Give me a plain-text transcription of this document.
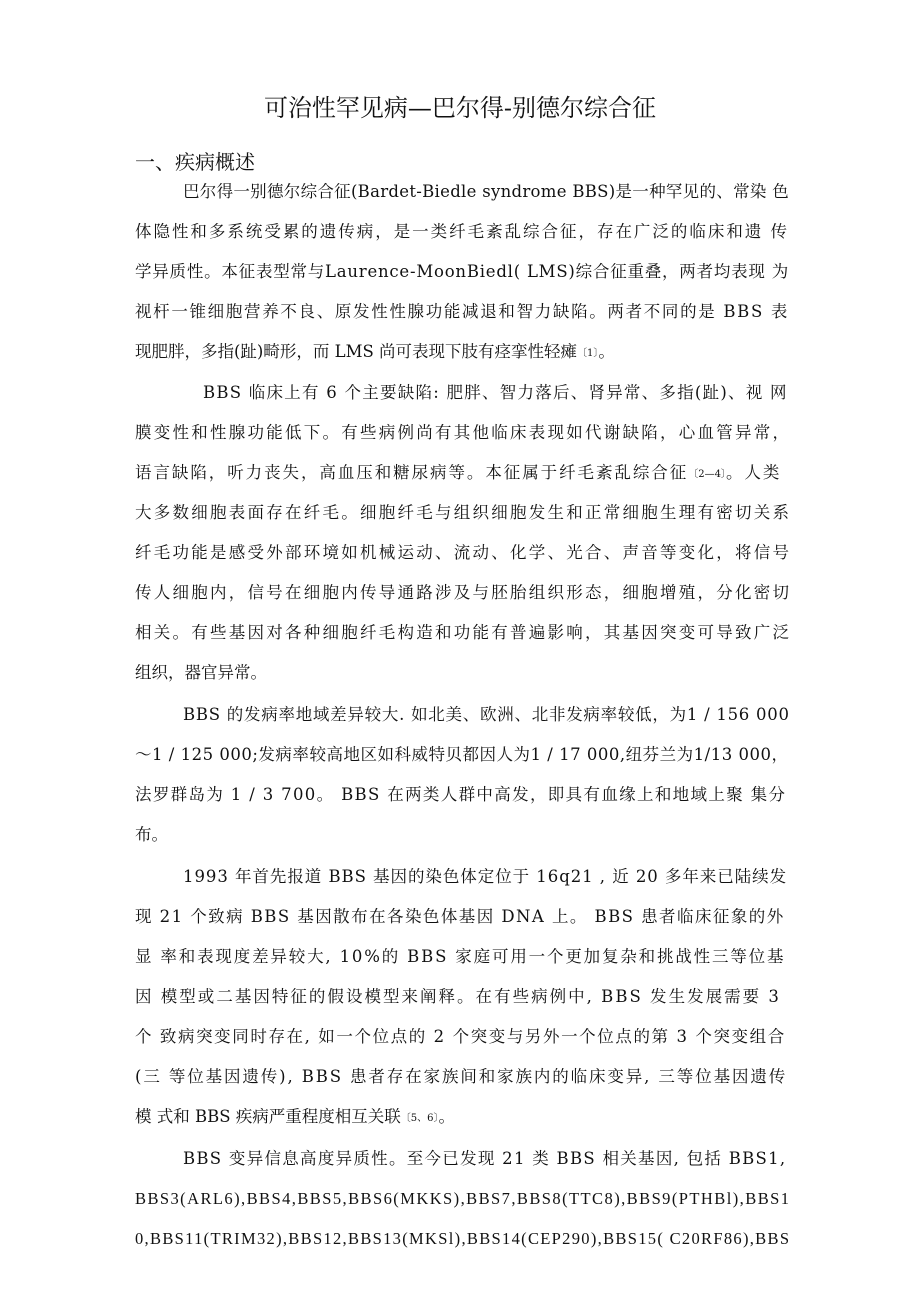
可治性罕见病—巴尔得-别德尔综合征
一、疾病概述

巴尔得一别德尔综合征(Bardet-Biedle syndrome BBS)是一种罕见的、常染 色

体隐性和多系统受累的遗传病，是一类纤毛紊乱综合征，存在广泛的临床和遗 传

学异质性。本征表型常与Laurence-MoonBiedl( LMS)综合征重叠，两者均表现 为

视杆一锥细胞营养不良、原发性性腺功能减退和智力缺陷。两者不同的是 BBS 表

现肥胖，多指(趾)畸形，而 LMS 尚可表现下肢有痉挛性轻瘫〔1〕。

BBS 临床上有 6 个主要缺陷: 肥胖、智力落后、肾异常、多指(趾)、视 网

膜变性和性腺功能低下。有些病例尚有其他临床表现如代谢缺陷，心血管异常，

语言缺陷，听力丧失，高血压和糖尿病等。本征属于纤毛紊乱综合征〔2—4〕。人类

大多数细胞表面存在纤毛。细胞纤毛与组织细胞发生和正常细胞生理有密切关系

纤毛功能是感受外部环境如机械运动、流动、化学、光合、声音等变化，将信号

传人细胞内，信号在细胞内传导通路涉及与胚胎组织形态，细胞增殖，分化密切

相关。有些基因对各种细胞纤毛构造和功能有普遍影响，其基因突变可导致广泛

组织，器官异常。

BBS 的发病率地域差异较大. 如北美、欧洲、北非发病率较低，为1 / 156 000

～1 / 125 000;发病率较高地区如科威特贝都因人为1 / 17 000,纽芬兰为1/13 000，

法罗群岛为 1 / 3 700。 BBS 在两类人群中高发，即具有血缘上和地域上聚 集分

布。

1993 年首先报道 BBS 基因的染色体定位于 16q21 , 近 20 多年来已陆续发

现 21 个致病 BBS 基因散布在各染色体基因 DNA 上。 BBS 患者临床征象的外

显 率和表现度差异较大, 10%的 BBS 家庭可用一个更加复杂和挑战性三等位基

因 模型或二基因特征的假设模型来阐释。在有些病例中, BBS 发生发展需要 3

个 致病突变同时存在, 如一个位点的 2 个突变与另外一个位点的第 3 个突变组合

(三 等位基因遗传), BBS 患者存在家族间和家族内的临床变异, 三等位基因遗传

模 式和 BBS 疾病严重程度相互关联〔5、6〕。

BBS 变异信息高度异质性。至今已发现 21 类 BBS 相关基因, 包括 BBS1,

BBS3(ARL6),BBS4,BBS5,BBS6(MKKS),BBS7,BBS8(TTC8),BBS9(PTHBl),BBS1

0,BBS11(TRIM32),BBS12,BBS13(MKSl),BBS14(CEP290),BBS15( C20RF86),BBS
